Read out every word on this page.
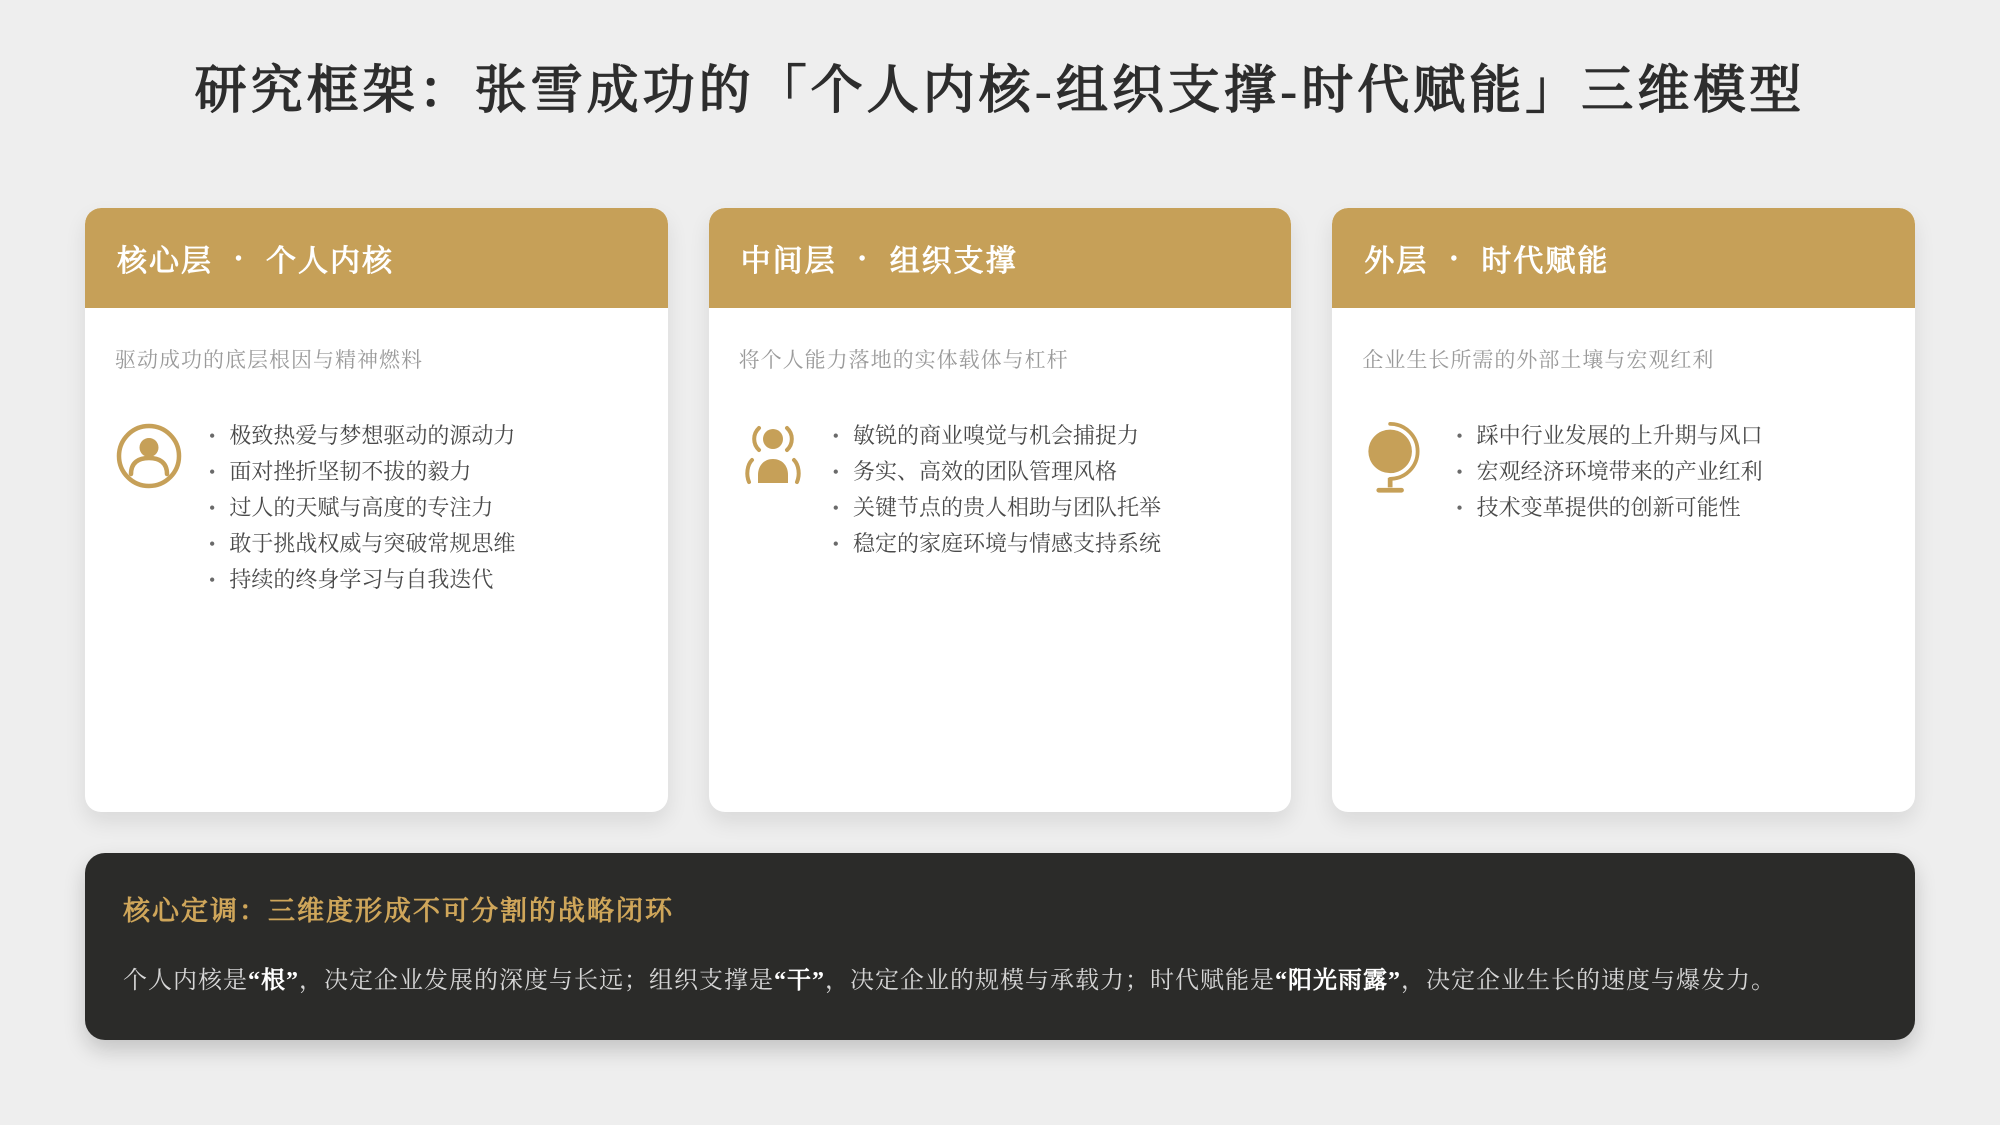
研究框架：张雪成功的「个人内核-组织支撑-时代赋能」三维模型
核心层 • 个人内核

驱动成功的底层根因与精神燃料

• 极致热爱与梦想驱动的源动力
• 面对挫折坚韧不拔的毅力
• 过人的天赋与高度的专注力
• 敢于挑战权威与突破常规思维
• 持续的终身学习与自我迭代
中间层 • 组织支撑

将个人能力落地的实体载体与杠杆

• 敏锐的商业嗅觉与机会捕捉力
• 务实、高效的团队管理风格
• 关键节点的贵人相助与团队托举
• 稳定的家庭环境与情感支持系统
外层 • 时代赋能

企业生长所需的外部土壤与宏观红利

• 踩中行业发展的上升期与风口
• 宏观经济环境带来的产业红利
• 技术变革提供的创新可能性
核心定调：三维度形成不可分割的战略闭环

个人内核是“根”，决定企业发展的深度与长远；组织支撑是“干”，决定企业的规模与承载力；时代赋能是“阳光雨露”，决定企业生长的速度与爆发力。
